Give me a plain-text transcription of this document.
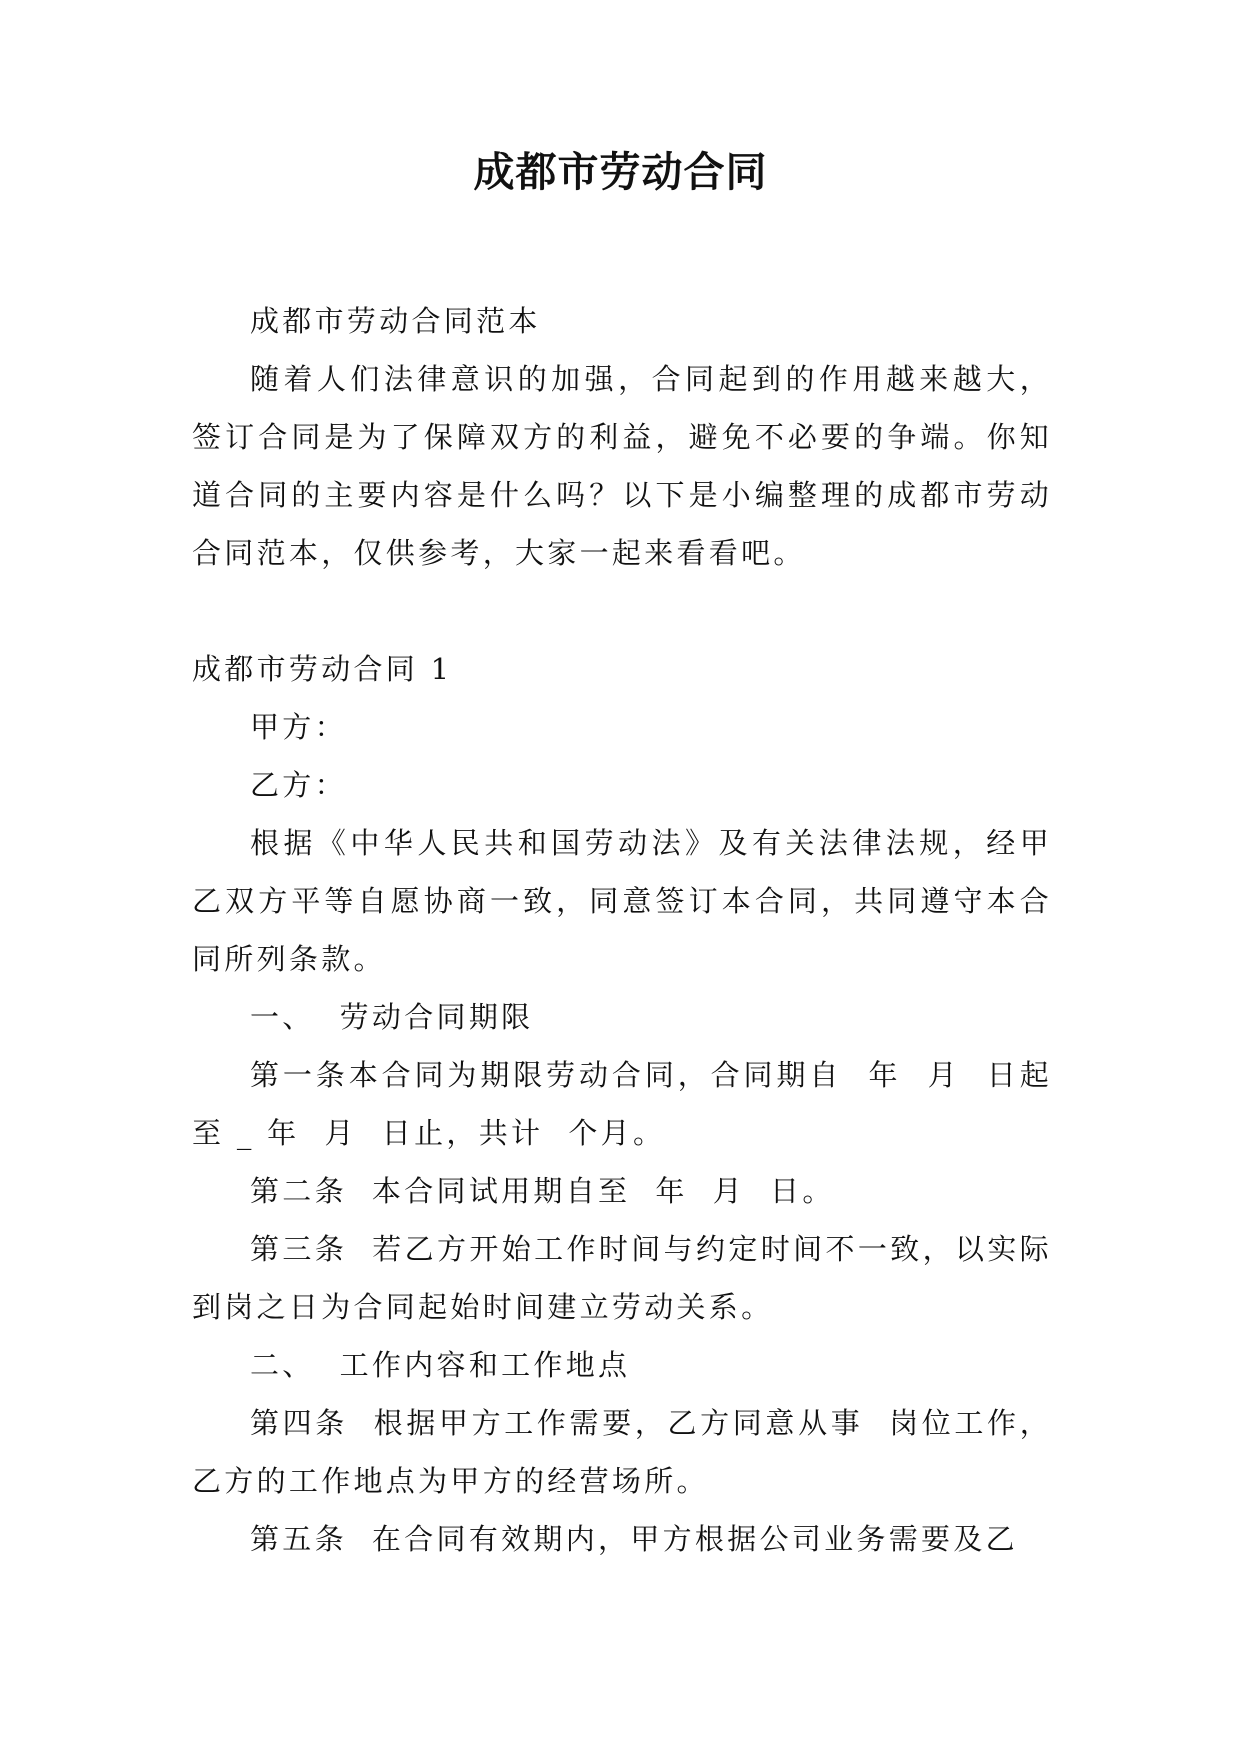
成都市劳动合同

成都市劳动合同范本

随着人们法律意识的加强，合同起到的作用越来越大，签订合同是为了保障双方的利益，避免不必要的争端。你知道合同的主要内容是什么吗？以下是小编整理的成都市劳动合同范本，仅供参考，大家一起来看看吧。

成都市劳动合同 1

甲方：

乙方：

根据《中华人民共和国劳动法》及有关法律法规，经甲乙双方平等自愿协商一致，同意签订本合同，共同遵守本合同所列条款。

一、  劳动合同期限

第一条本合同为期限劳动合同，合同期自  年  月  日起至 _ 年  月  日止，共计  个月。

第二条  本合同试用期自至  年  月  日。

第三条  若乙方开始工作时间与约定时间不一致，以实际到岗之日为合同起始时间建立劳动关系。

二、  工作内容和工作地点

第四条  根据甲方工作需要，乙方同意从事  岗位工作，乙方的工作地点为甲方的经营场所。

第五条  在合同有效期内，甲方根据公司业务需要及乙
